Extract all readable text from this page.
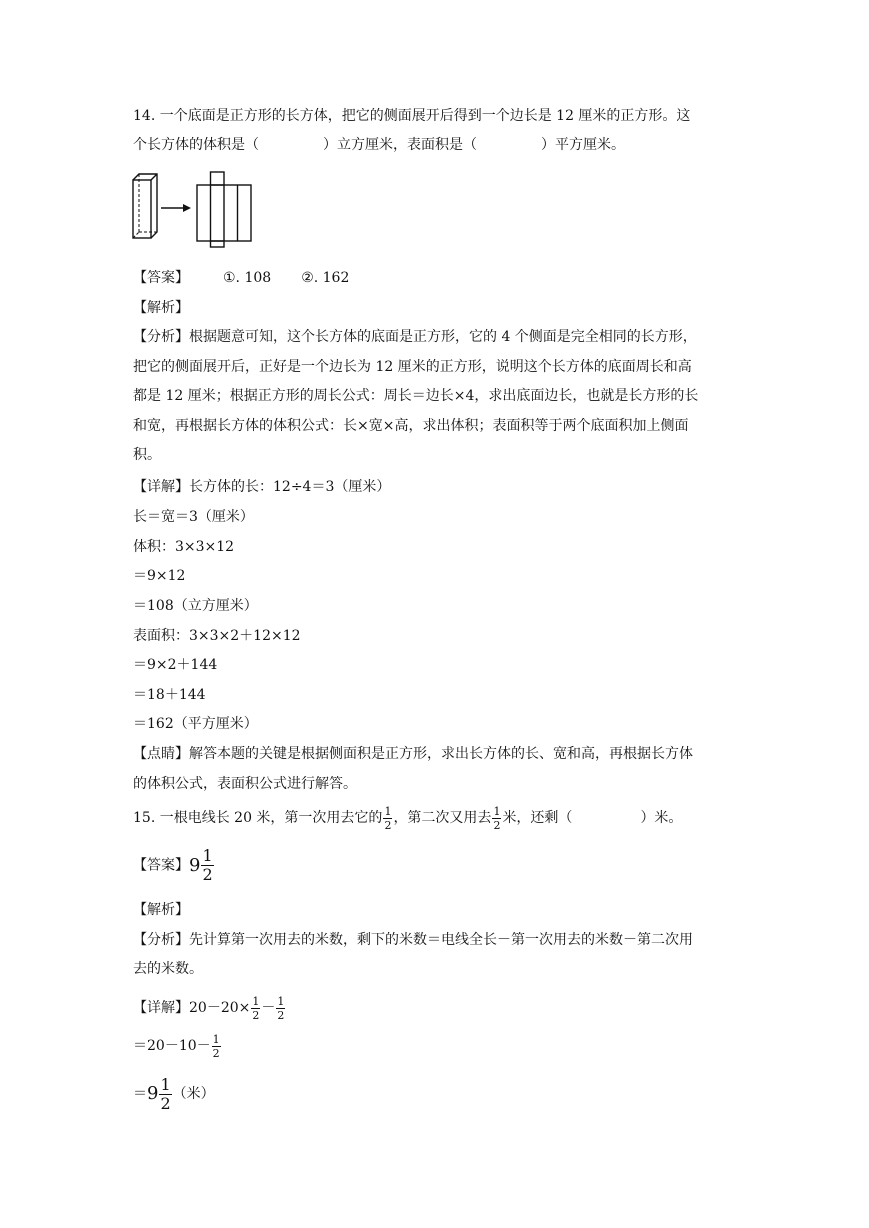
14. 一个底面是正方形的长方体，把它的侧面展开后得到一个边长是 12 厘米的正方形。这
个长方体的体积是（	）立方厘米，表面积是（	）平方厘米。
【答案】 ①. 108 ②. 162
【解析】
【分析】根据题意可知，这个长方体的底面是正方形，它的 4 个侧面是完全相同的长方形，
把它的侧面展开后，正好是一个边长为 12 厘米的正方形，说明这个长方体的底面周长和高
都是 12 厘米；根据正方形的周长公式：周长＝边长×4，求出底面边长，也就是长方形的长
和宽，再根据长方体的体积公式：长×宽×高，求出体积；表面积等于两个底面积加上侧面
积。
【详解】长方体的长：12÷4＝3（厘米）
长＝宽＝3（厘米）
体积：3×3×12
＝9×12
＝108（立方厘米）
表面积：3×3×2＋12×12
＝9×2＋144
＝18＋144
＝162（平方厘米）
【点睛】解答本题的关键是根据侧面积是正方形，求出长方体的长、宽和高，再根据长方体
的体积公式，表面积公式进行解答。
15. 一根电线长 20 米，第一次用去它的 $\frac{1}{2}$ ，第二次又用去 $\frac{1}{2}$ 米，还剩（	）米。
【答案】$9 \frac{1}{2}$
【解析】
【分析】先计算第一次用去的米数，剩下的米数＝电线全长－第一次用去的米数－第二次用
去的米数。
【详解】$20-20\times \frac{1}{2} - \frac{1}{2}$
$=20-10- \frac{1}{2}$
$=9 \frac{1}{2}$ （米）
